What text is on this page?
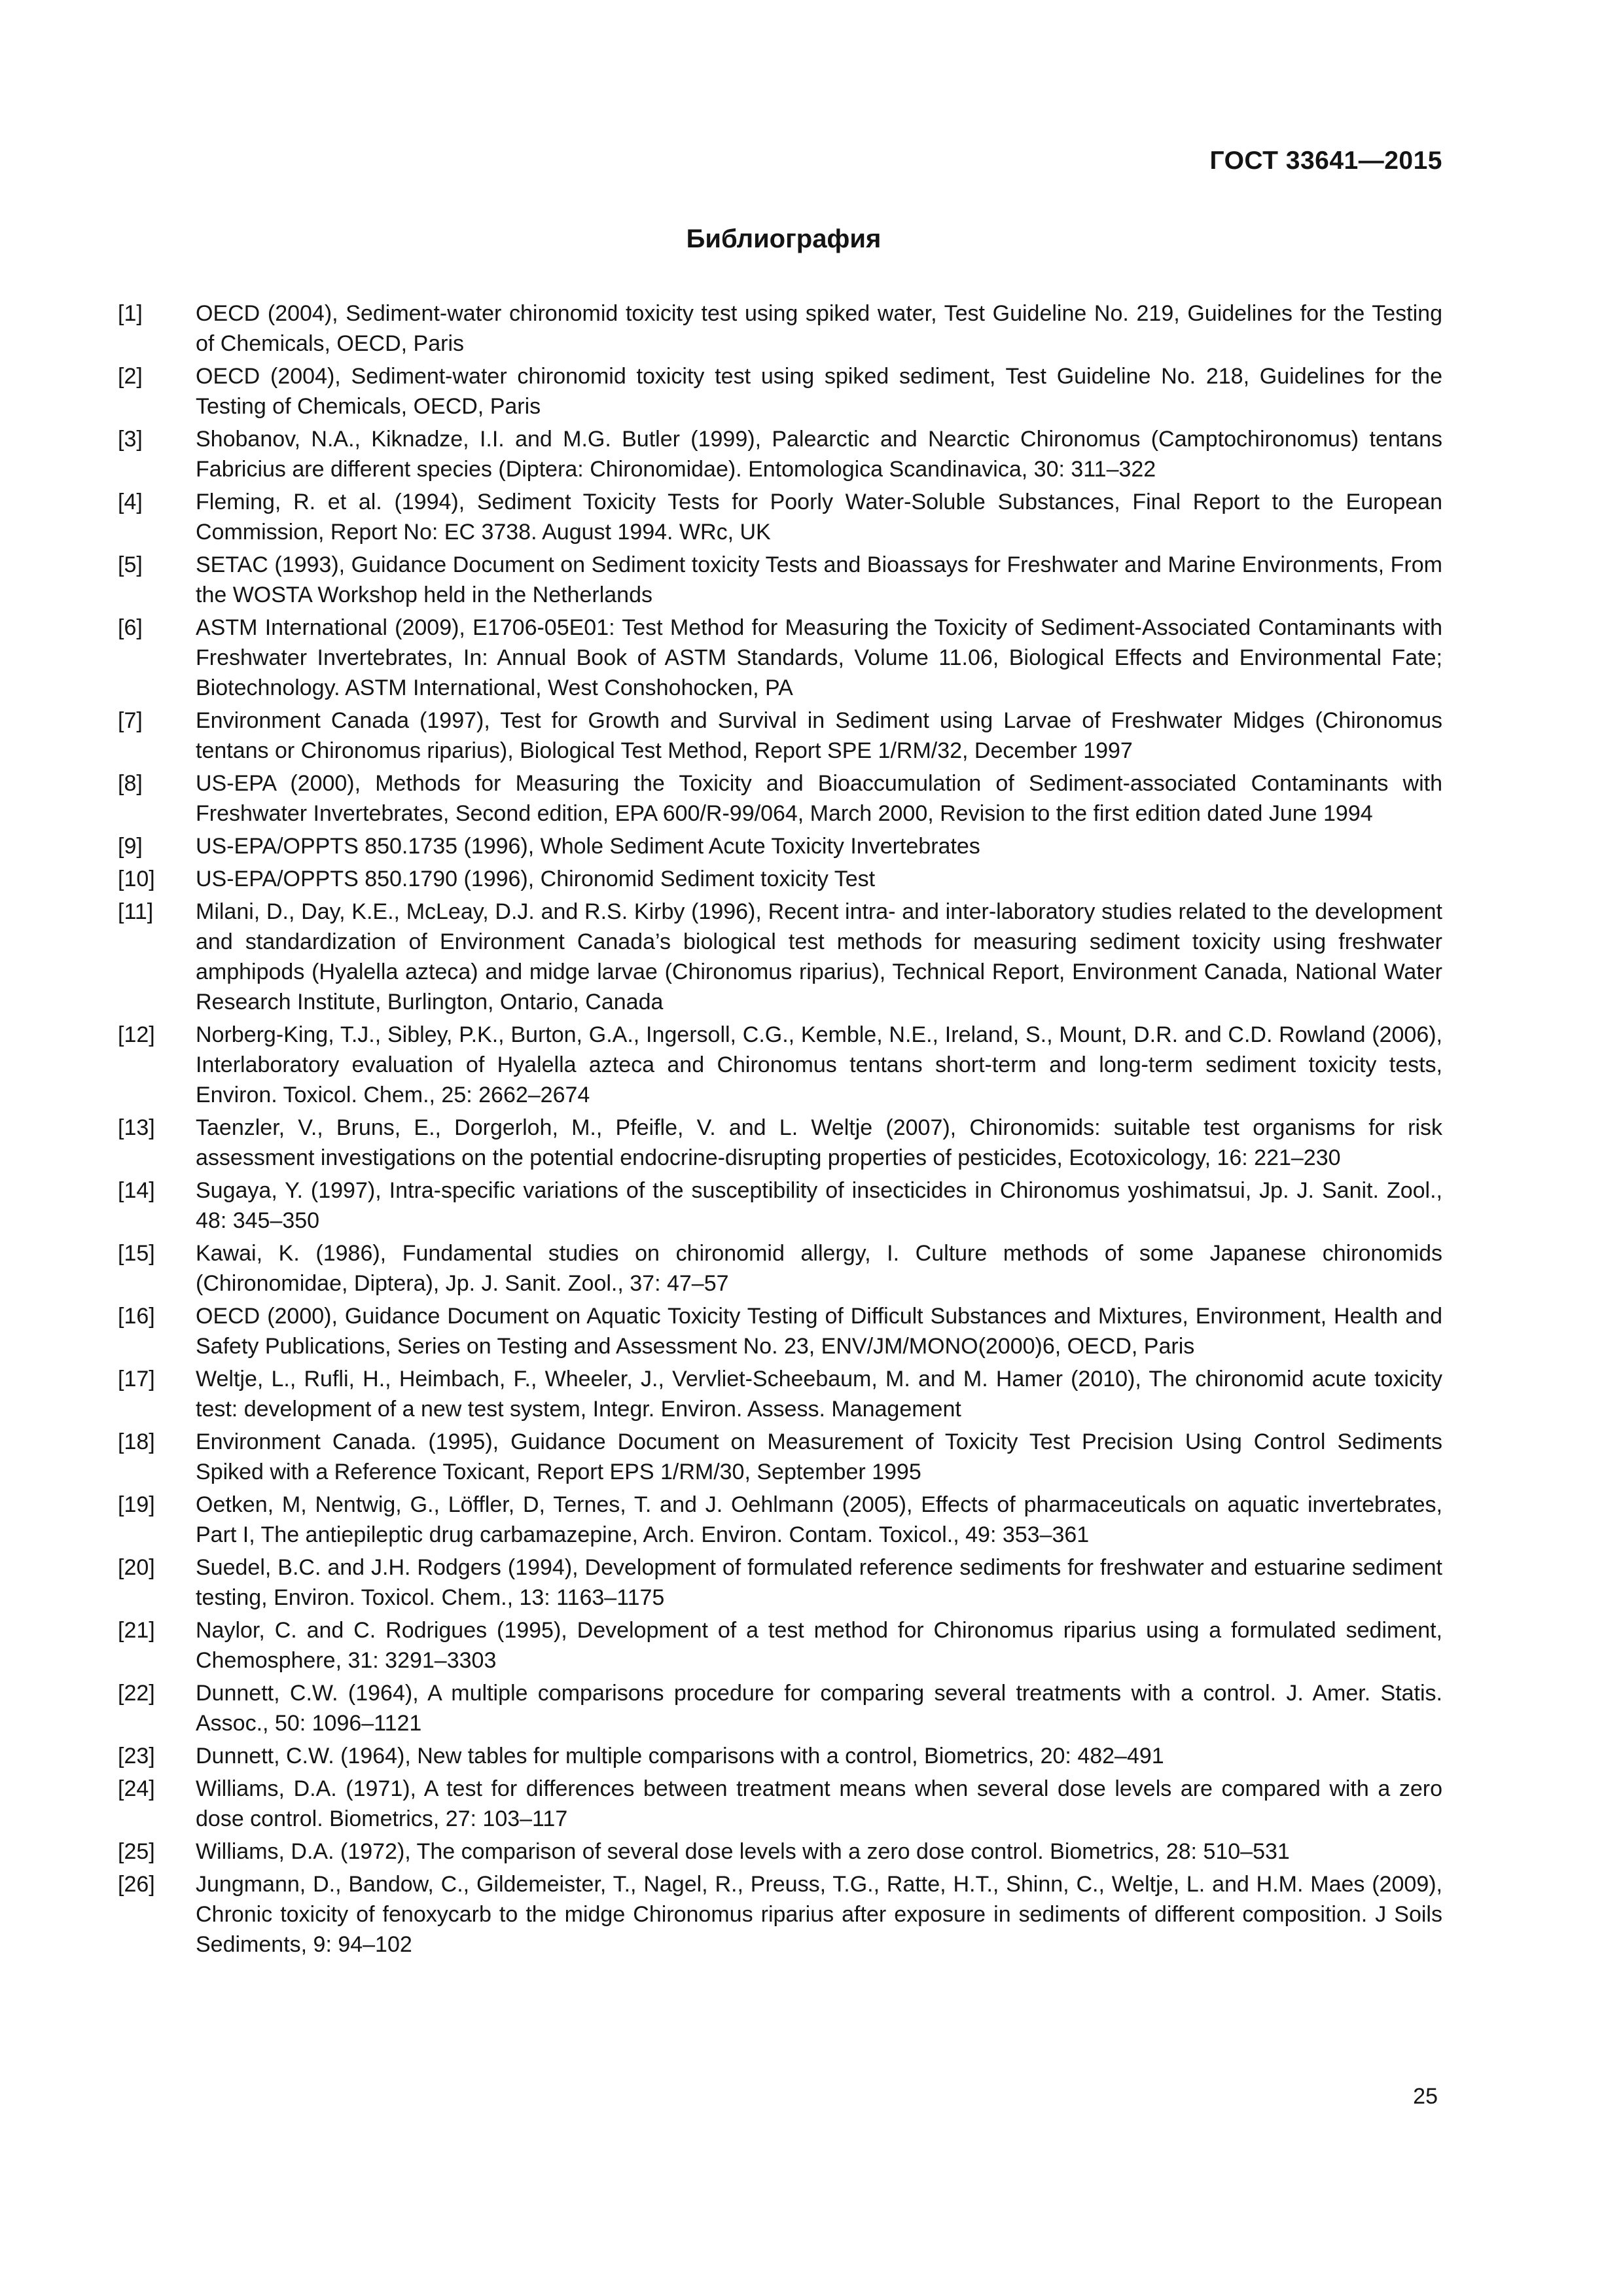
ГОСТ 33641—2015

Библиография
[1]	OECD (2004), Sediment-water chironomid toxicity test using spiked water, Test Guideline No. 219, Guidelines for the Testing of Chemicals, OECD, Paris
[2]	OECD (2004), Sediment-water chironomid toxicity test using spiked sediment, Test Guideline No. 218, Guidelines for the Testing of Chemicals, OECD, Paris
[3]	Shobanov, N.A., Kiknadze, I.I. and M.G. Butler (1999), Palearctic and Nearctic Chironomus (Camptochironomus) tentans Fabricius are different species (Diptera: Chironomidae). Entomologica Scandinavica, 30: 311–322
[4]	Fleming, R. et al. (1994), Sediment Toxicity Tests for Poorly Water-Soluble Substances, Final Report to the European Commission, Report No: EC 3738. August 1994. WRc, UK
[5]	SETAC (1993), Guidance Document on Sediment toxicity Tests and Bioassays for Freshwater and Marine Environments, From the WOSTA Workshop held in the Netherlands
[6]	ASTM International (2009), E1706-05E01: Test Method for Measuring the Toxicity of Sediment-Associated Contaminants with Freshwater Invertebrates, In: Annual Book of ASTM Standards, Volume 11.06, Biological Effects and Environmental Fate; Biotechnology. ASTM International, West Conshohocken, PA
[7]	Environment Canada (1997), Test for Growth and Survival in Sediment using Larvae of Freshwater Midges (Chironomus tentans or Chironomus riparius), Biological Test Method, Report SPE 1/RM/32, December 1997
[8]	US-EPA (2000), Methods for Measuring the Toxicity and Bioaccumulation of Sediment-associated Contaminants with Freshwater Invertebrates, Second edition, EPA 600/R-99/064, March 2000, Revision to the first edition dated June 1994
[9]	US-EPA/OPPTS 850.1735 (1996), Whole Sediment Acute Toxicity Invertebrates
[10]	US-EPA/OPPTS 850.1790 (1996), Chironomid Sediment toxicity Test
[11]	Milani, D., Day, K.E., McLeay, D.J. and R.S. Kirby (1996), Recent intra- and inter-laboratory studies related to the development and standardization of Environment Canada’s biological test methods for measuring sediment toxicity using freshwater amphipods (Hyalella azteca) and midge larvae (Chironomus riparius), Technical Report, Environment Canada, National Water Research Institute, Burlington, Ontario, Canada
[12]	Norberg-King, T.J., Sibley, P.K., Burton, G.A., Ingersoll, C.G., Kemble, N.E., Ireland, S., Mount, D.R. and C.D. Rowland (2006), Interlaboratory evaluation of Hyalella azteca and Chironomus tentans short-term and long-term sediment toxicity tests, Environ. Toxicol. Chem., 25: 2662–2674
[13]	Taenzler, V., Bruns, E., Dorgerloh, M., Pfeifle, V. and L. Weltje (2007), Chironomids: suitable test organisms for risk assessment investigations on the potential endocrine-disrupting properties of pesticides, Ecotoxicology, 16: 221–230
[14]	Sugaya, Y. (1997), Intra-specific variations of the susceptibility of insecticides in Chironomus yoshimatsui, Jp. J. Sanit. Zool., 48: 345–350
[15]	Kawai, K. (1986), Fundamental studies on chironomid allergy, I. Culture methods of some Japanese chironomids (Chironomidae, Diptera), Jp. J. Sanit. Zool., 37: 47–57
[16]	OECD (2000), Guidance Document on Aquatic Toxicity Testing of Difficult Substances and Mixtures, Environment, Health and Safety Publications, Series on Testing and Assessment No. 23, ENV/JM/MONO(2000)6, OECD, Paris
[17]	Weltje, L., Rufli, H., Heimbach, F., Wheeler, J., Vervliet-Scheebaum, M. and M. Hamer (2010), The chironomid acute toxicity test: development of a new test system, Integr. Environ. Assess. Management
[18]	Environment Canada. (1995), Guidance Document on Measurement of Toxicity Test Precision Using Control Sediments Spiked with a Reference Toxicant, Report EPS 1/RM/30, September 1995
[19]	Oetken, M, Nentwig, G., Löffler, D, Ternes, T. and J. Oehlmann (2005), Effects of pharmaceuticals on aquatic invertebrates, Part I, The antiepileptic drug carbamazepine, Arch. Environ. Contam. Toxicol., 49: 353–361
[20]	Suedel, B.C. and J.H. Rodgers (1994), Development of formulated reference sediments for freshwater and estuarine sediment testing, Environ. Toxicol. Chem., 13: 1163–1175
[21]	Naylor, C. and C. Rodrigues (1995), Development of a test method for Chironomus riparius using a formulated sediment, Chemosphere, 31: 3291–3303
[22]	Dunnett, C.W. (1964), A multiple comparisons procedure for comparing several treatments with a control. J. Amer. Statis. Assoc., 50: 1096–1121
[23]	Dunnett, C.W. (1964), New tables for multiple comparisons with a control, Biometrics, 20: 482–491
[24]	Williams, D.A. (1971), A test for differences between treatment means when several dose levels are compared with a zero dose control. Biometrics, 27: 103–117
[25]	Williams, D.A. (1972), The comparison of several dose levels with a zero dose control. Biometrics, 28: 510–531
[26]	Jungmann, D., Bandow, C., Gildemeister, T., Nagel, R., Preuss, T.G., Ratte, H.T., Shinn, C., Weltje, L. and H.M. Maes (2009), Chronic toxicity of fenoxycarb to the midge Chironomus riparius after exposure in sediments of different composition. J Soils Sediments, 9: 94–102

25
